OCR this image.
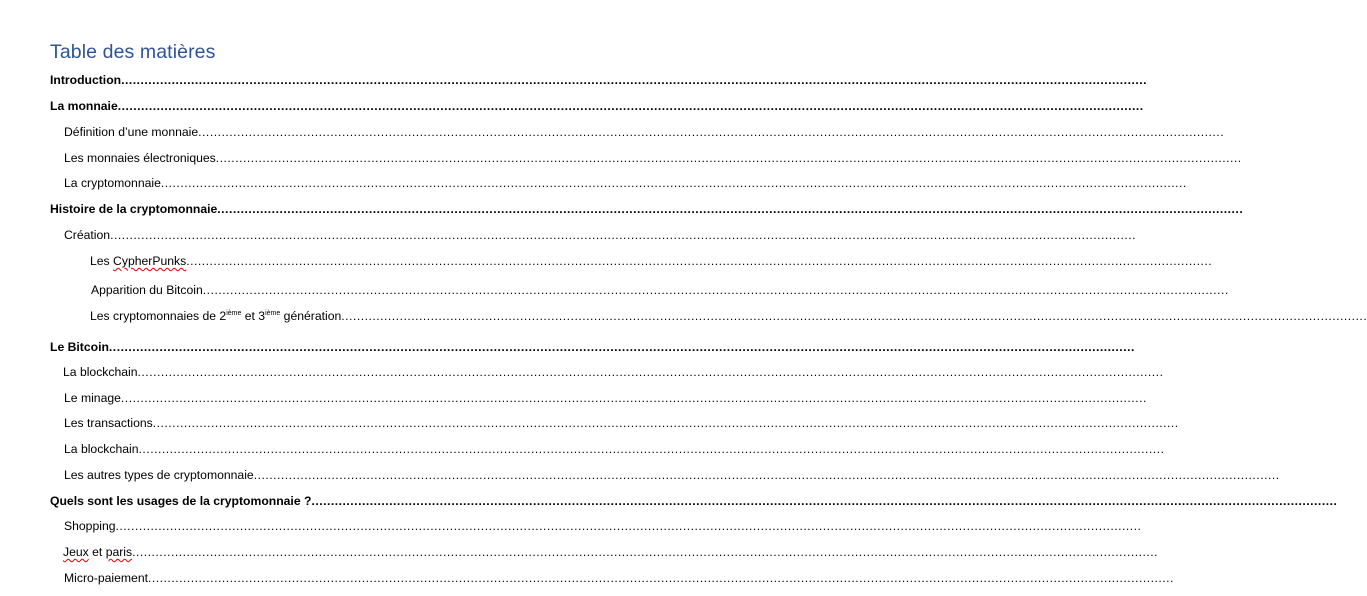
Table des matières
Introduction ........................................................................................................................................................................................................................................................................
La monnaie ........................................................................................................................................................................................................................................................................
Définition d’une monnaie ........................................................................................................................................................................................................................................................................
Les monnaies électroniques ........................................................................................................................................................................................................................................................................
La cryptomonnaie ........................................................................................................................................................................................................................................................................
Histoire de la cryptomonnaie ........................................................................................................................................................................................................................................................................
Création ........................................................................................................................................................................................................................................................................
Les CypherPunks ........................................................................................................................................................................................................................................................................
Apparition du Bitcoin ........................................................................................................................................................................................................................................................................
Les cryptomonnaies de 2ième et 3ième génération ........................................................................................................................................................................................................................................................................
Le Bitcoin ........................................................................................................................................................................................................................................................................
La blockchain ........................................................................................................................................................................................................................................................................
Le minage ........................................................................................................................................................................................................................................................................
Les transactions ........................................................................................................................................................................................................................................................................
La blockchain ........................................................................................................................................................................................................................................................................
Les autres types de cryptomonnaie ........................................................................................................................................................................................................................................................................
Quels sont les usages de la cryptomonnaie ? ........................................................................................................................................................................................................................................................................
Shopping ........................................................................................................................................................................................................................................................................
Jeux et paris ........................................................................................................................................................................................................................................................................
Micro-paiement ........................................................................................................................................................................................................................................................................
